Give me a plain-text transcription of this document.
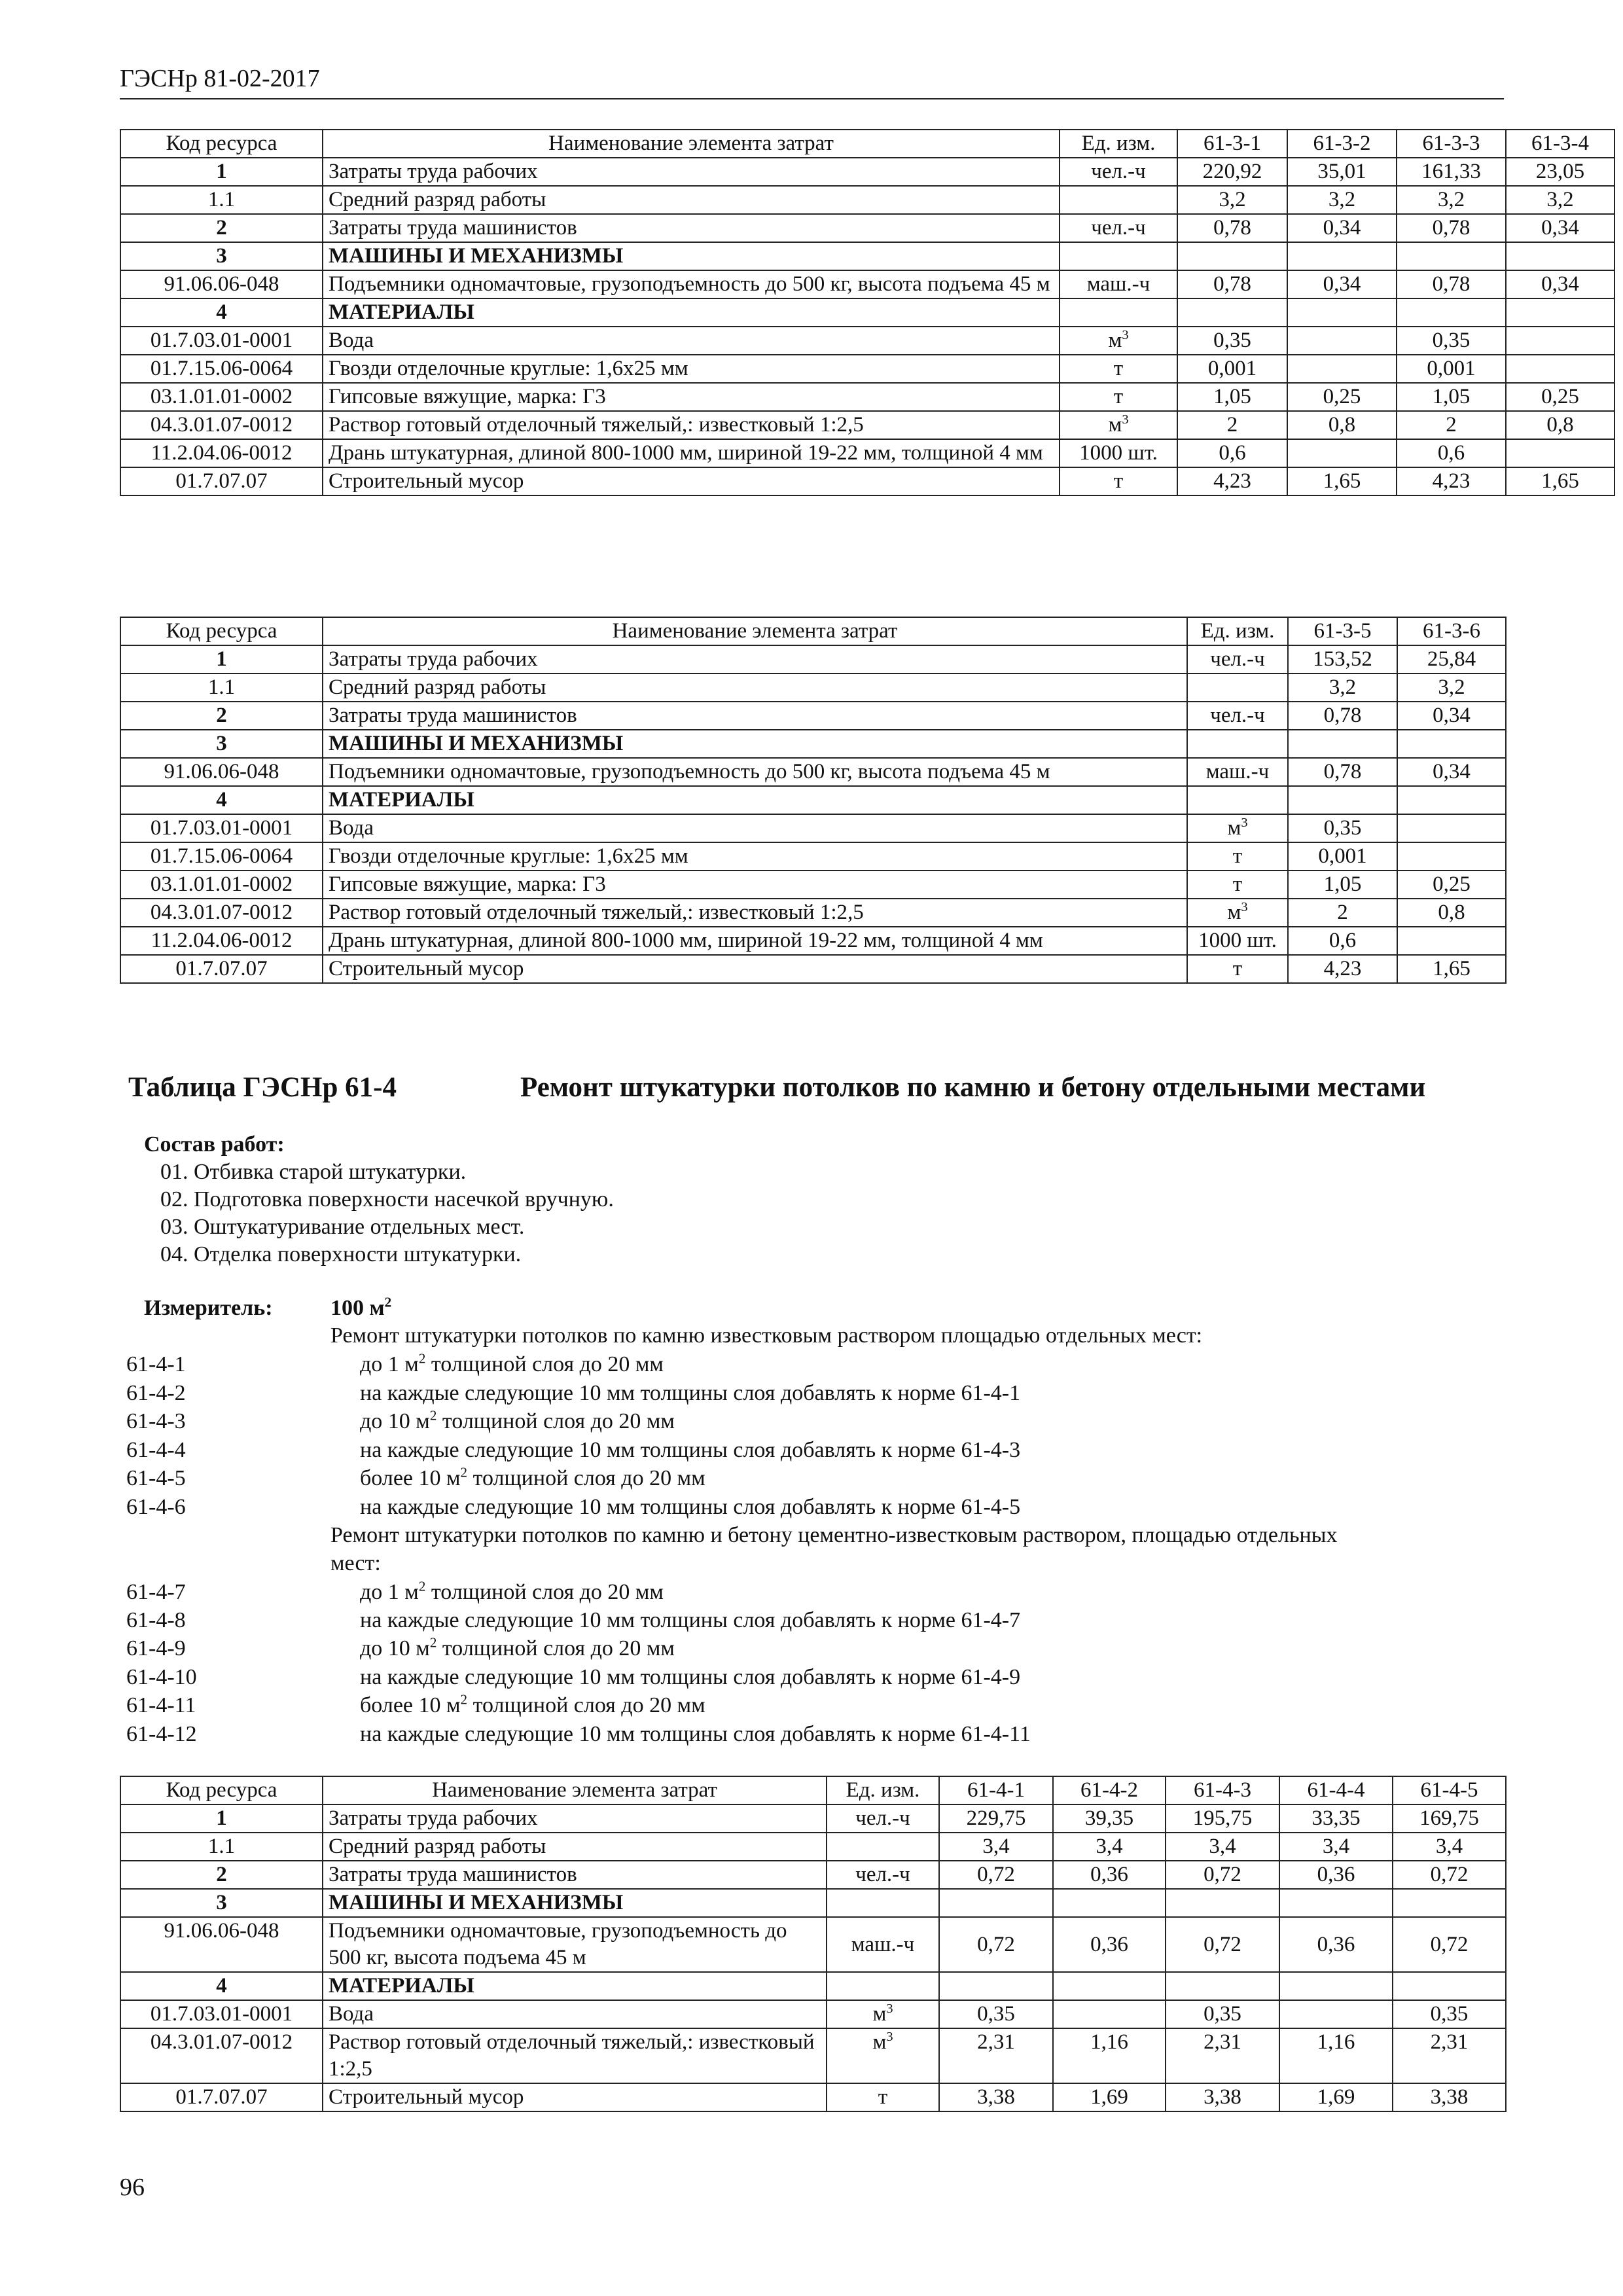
ГЭСНр 81-02-2017
Код ресурса	Наименование элемента затрат	Ед. изм.	61-3-1	61-3-2	61-3-3	61-3-4
1	Затраты труда рабочих	чел.-ч	220,92	35,01	161,33	23,05
1.1	Средний разряд работы		3,2	3,2	3,2	3,2
2	Затраты труда машинистов	чел.-ч	0,78	0,34	0,78	0,34
3	МАШИНЫ И МЕХАНИЗМЫ					
91.06.06-048	Подъемники одномачтовые, грузоподъемность до 500 кг, высота подъема 45 м	маш.-ч	0,78	0,34	0,78	0,34
4	МАТЕРИАЛЫ					
01.7.03.01-0001	Вода	$м^3$	0,35		0,35	
01.7.15.06-0064	Гвозди отделочные круглые: 1,6х25 мм	т	0,001		0,001	
03.1.01.01-0002	Гипсовые вяжущие, марка: Г3	т	1,05	0,25	1,05	0,25
04.3.01.07-0012	Раствор готовый отделочный тяжелый,: известковый 1:2,5	$м^3$	2	0,8	2	0,8
11.2.04.06-0012	Дрань штукатурная, длиной 800-1000 мм, шириной 19-22 мм, толщиной 4 мм	1000 шт.	0,6		0,6	
01.7.07.07	Строительный мусор	т	4,23	1,65	4,23	1,65
Код ресурса	Наименование элемента затрат	Ед. изм.	61-3-5	61-3-6
1	Затраты труда рабочих	чел.-ч	153,52	25,84
1.1	Средний разряд работы		3,2	3,2
2	Затраты труда машинистов	чел.-ч	0,78	0,34
3	МАШИНЫ И МЕХАНИЗМЫ			
91.06.06-048	Подъемники одномачтовые, грузоподъемность до 500 кг, высота подъема 45 м	маш.-ч	0,78	0,34
4	МАТЕРИАЛЫ			
01.7.03.01-0001	Вода	$м^3$	0,35	
01.7.15.06-0064	Гвозди отделочные круглые: 1,6х25 мм	т	0,001	
03.1.01.01-0002	Гипсовые вяжущие, марка: Г3	т	1,05	0,25
04.3.01.07-0012	Раствор готовый отделочный тяжелый,: известковый 1:2,5	$м^3$	2	0,8
11.2.04.06-0012	Дрань штукатурная, длиной 800-1000 мм, шириной 19-22 мм, толщиной 4 мм	1000 шт.	0,6	
01.7.07.07	Строительный мусор	т	4,23	1,65
Таблица ГЭСНр 61-4	Ремонт штукатурки потолков по камню и бетону отдельными местами
Состав работ:
01. Отбивка старой штукатурки.
02. Подготовка поверхности насечкой вручную.
03. Оштукатуривание отдельных мест.
04. Отделка поверхности штукатурки.
Измеритель:	100 $м^2$
Ремонт штукатурки потолков по камню известковым раствором площадью отдельных мест:
61-4-1	до 1 $м^2$ толщиной слоя до 20 мм
61-4-2	на каждые следующие 10 мм толщины слоя добавлять к норме 61-4-1
61-4-3	до 10 $м^2$ толщиной слоя до 20 мм
61-4-4	на каждые следующие 10 мм толщины слоя добавлять к норме 61-4-3
61-4-5	более 10 $м^2$ толщиной слоя до 20 мм
61-4-6	на каждые следующие 10 мм толщины слоя добавлять к норме 61-4-5
Ремонт штукатурки потолков по камню и бетону цементно-известковым раствором, площадью отдельных
мест:
61-4-7	до 1 $м^2$ толщиной слоя до 20 мм
61-4-8	на каждые следующие 10 мм толщины слоя добавлять к норме 61-4-7
61-4-9	до 10 $м^2$ толщиной слоя до 20 мм
61-4-10	на каждые следующие 10 мм толщины слоя добавлять к норме 61-4-9
61-4-11	более 10 $м^2$ толщиной слоя до 20 мм
61-4-12	на каждые следующие 10 мм толщины слоя добавлять к норме 61-4-11
Код ресурса	Наименование элемента затрат	Ед. изм.	61-4-1	61-4-2	61-4-3	61-4-4	61-4-5
1	Затраты труда рабочих	чел.-ч	229,75	39,35	195,75	33,35	169,75
1.1	Средний разряд работы		3,4	3,4	3,4	3,4	3,4
2	Затраты труда машинистов	чел.-ч	0,72	0,36	0,72	0,36	0,72
3	МАШИНЫ И МЕХАНИЗМЫ						
91.06.06-048	Подъемники одномачтовые, грузоподъемность до 500 кг, высота подъема 45 м	маш.-ч	0,72	0,36	0,72	0,36	0,72
4	МАТЕРИАЛЫ						
01.7.03.01-0001	Вода	$м^3$	0,35		0,35		0,35
04.3.01.07-0012	Раствор готовый отделочный тяжелый,: известковый 1:2,5	$м^3$	2,31	1,16	2,31	1,16	2,31
01.7.07.07	Строительный мусор	т	3,38	1,69	3,38	1,69	3,38
96
